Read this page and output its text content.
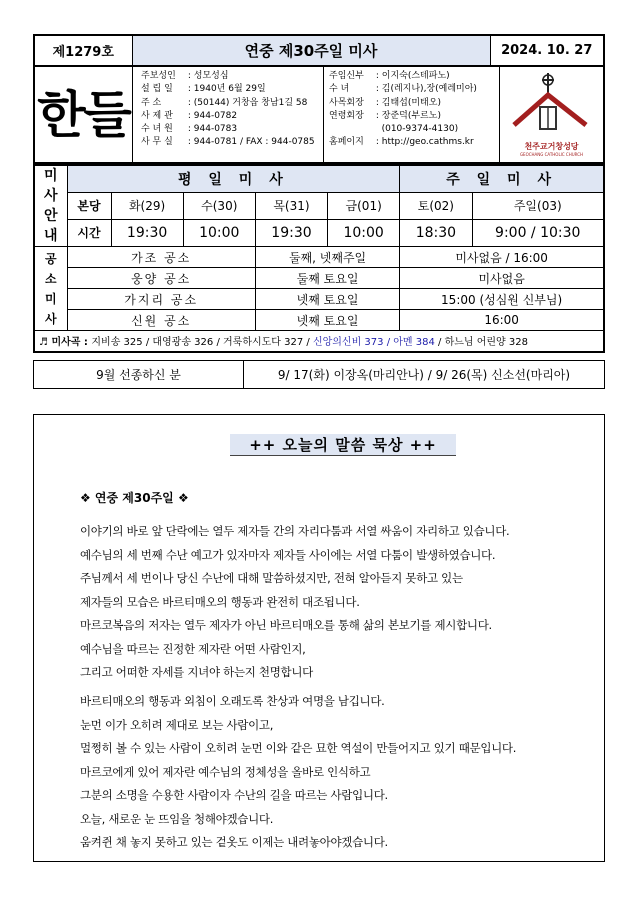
제1279호	연중 제30주일 미사	2024. 10. 27
한들
주보성인	: 성모성심
설 립 일	: 1940년 6월 29일
주 소	: (50144) 거창읍 창남1길 58
사 제 관	: 944-0782
수 녀 원	: 944-0783
사 무 실	: 944-0781 / FAX : 944-0785
주임신부	: 이지숙(스테파노)
수 녀	: 김(레지나),장(예레미아)
사목회장	: 김태섭(미태오)
연령회장	: 장준덕(부르노)

(010-9374-4130)
홈페이지	: http://geo.cathms.kr	천주교거창성당
GEOCHANG CATHOLIC CHURCH
미
사
안
내	평 일 미 사					주 일 미 사	
	본당	화(29)	수(30)	목(31)	금(01)	토(02)	주일(03)
	시간	19:30	10:00	19:30	10:00	18:30	9:00 / 10:30

공
소
미
사	가조 공소			둘째, 넷째주일		미사없음 / 16:00	
	웅양 공소			둘째 토요일		미사없음	
	가지리 공소			넷째 토요일		15:00 (성심원 신부님)	
	신원 공소			넷째 토요일		16:00	
♬ 미사곡 : 지비송 325 / 대영광송 326 / 거룩하시도다 327 / 신앙의신비 373 / 아멘 384 / 하느님 어린양 328							
9월 선종하신 분	9/ 17(화) 이장옥(마리안나) / 9/ 26(목) 신소선(마리아)
++ 오늘의 말씀 묵상 ++
❖ 연중 제30주일 ❖
이야기의 바로 앞 단락에는 열두 제자들 간의 자리다툼과 서열 싸움이 자리하고 있습니다.
예수님의 세 번째 수난 예고가 있자마자 제자들 사이에는 서열 다툼이 발생하였습니다.
주님께서 세 번이나 당신 수난에 대해 말씀하셨지만, 전혀 알아듣지 못하고 있는
제자들의 모습은 바르티매오의 행동과 완전히 대조됩니다.
마르코복음의 저자는 열두 제자가 아닌 바르티매오를 통해 삶의 본보기를 제시합니다.
예수님을 따르는 진정한 제자란 어떤 사람인지,
그리고 어떠한 자세를 지녀야 하는지 천명합니다
바르티매오의 행동과 외침이 오래도록 찬상과 여명을 남깁니다.
눈먼 이가 오히려 제대로 보는 사람이고,
멀쩡히 볼 수 있는 사람이 오히려 눈먼 이와 같은 묘한 역설이 만들어지고 있기 때문입니다.
마르코에게 있어 제자란 예수님의 정체성을 올바로 인식하고
그분의 소명을 수용한 사람이자 수난의 길을 따르는 사람입니다.
오늘, 새로운 눈 뜨임을 청해야겠습니다.
움켜쥔 채 놓지 못하고 있는 겉옷도 이제는 내려놓아야겠습니다.
